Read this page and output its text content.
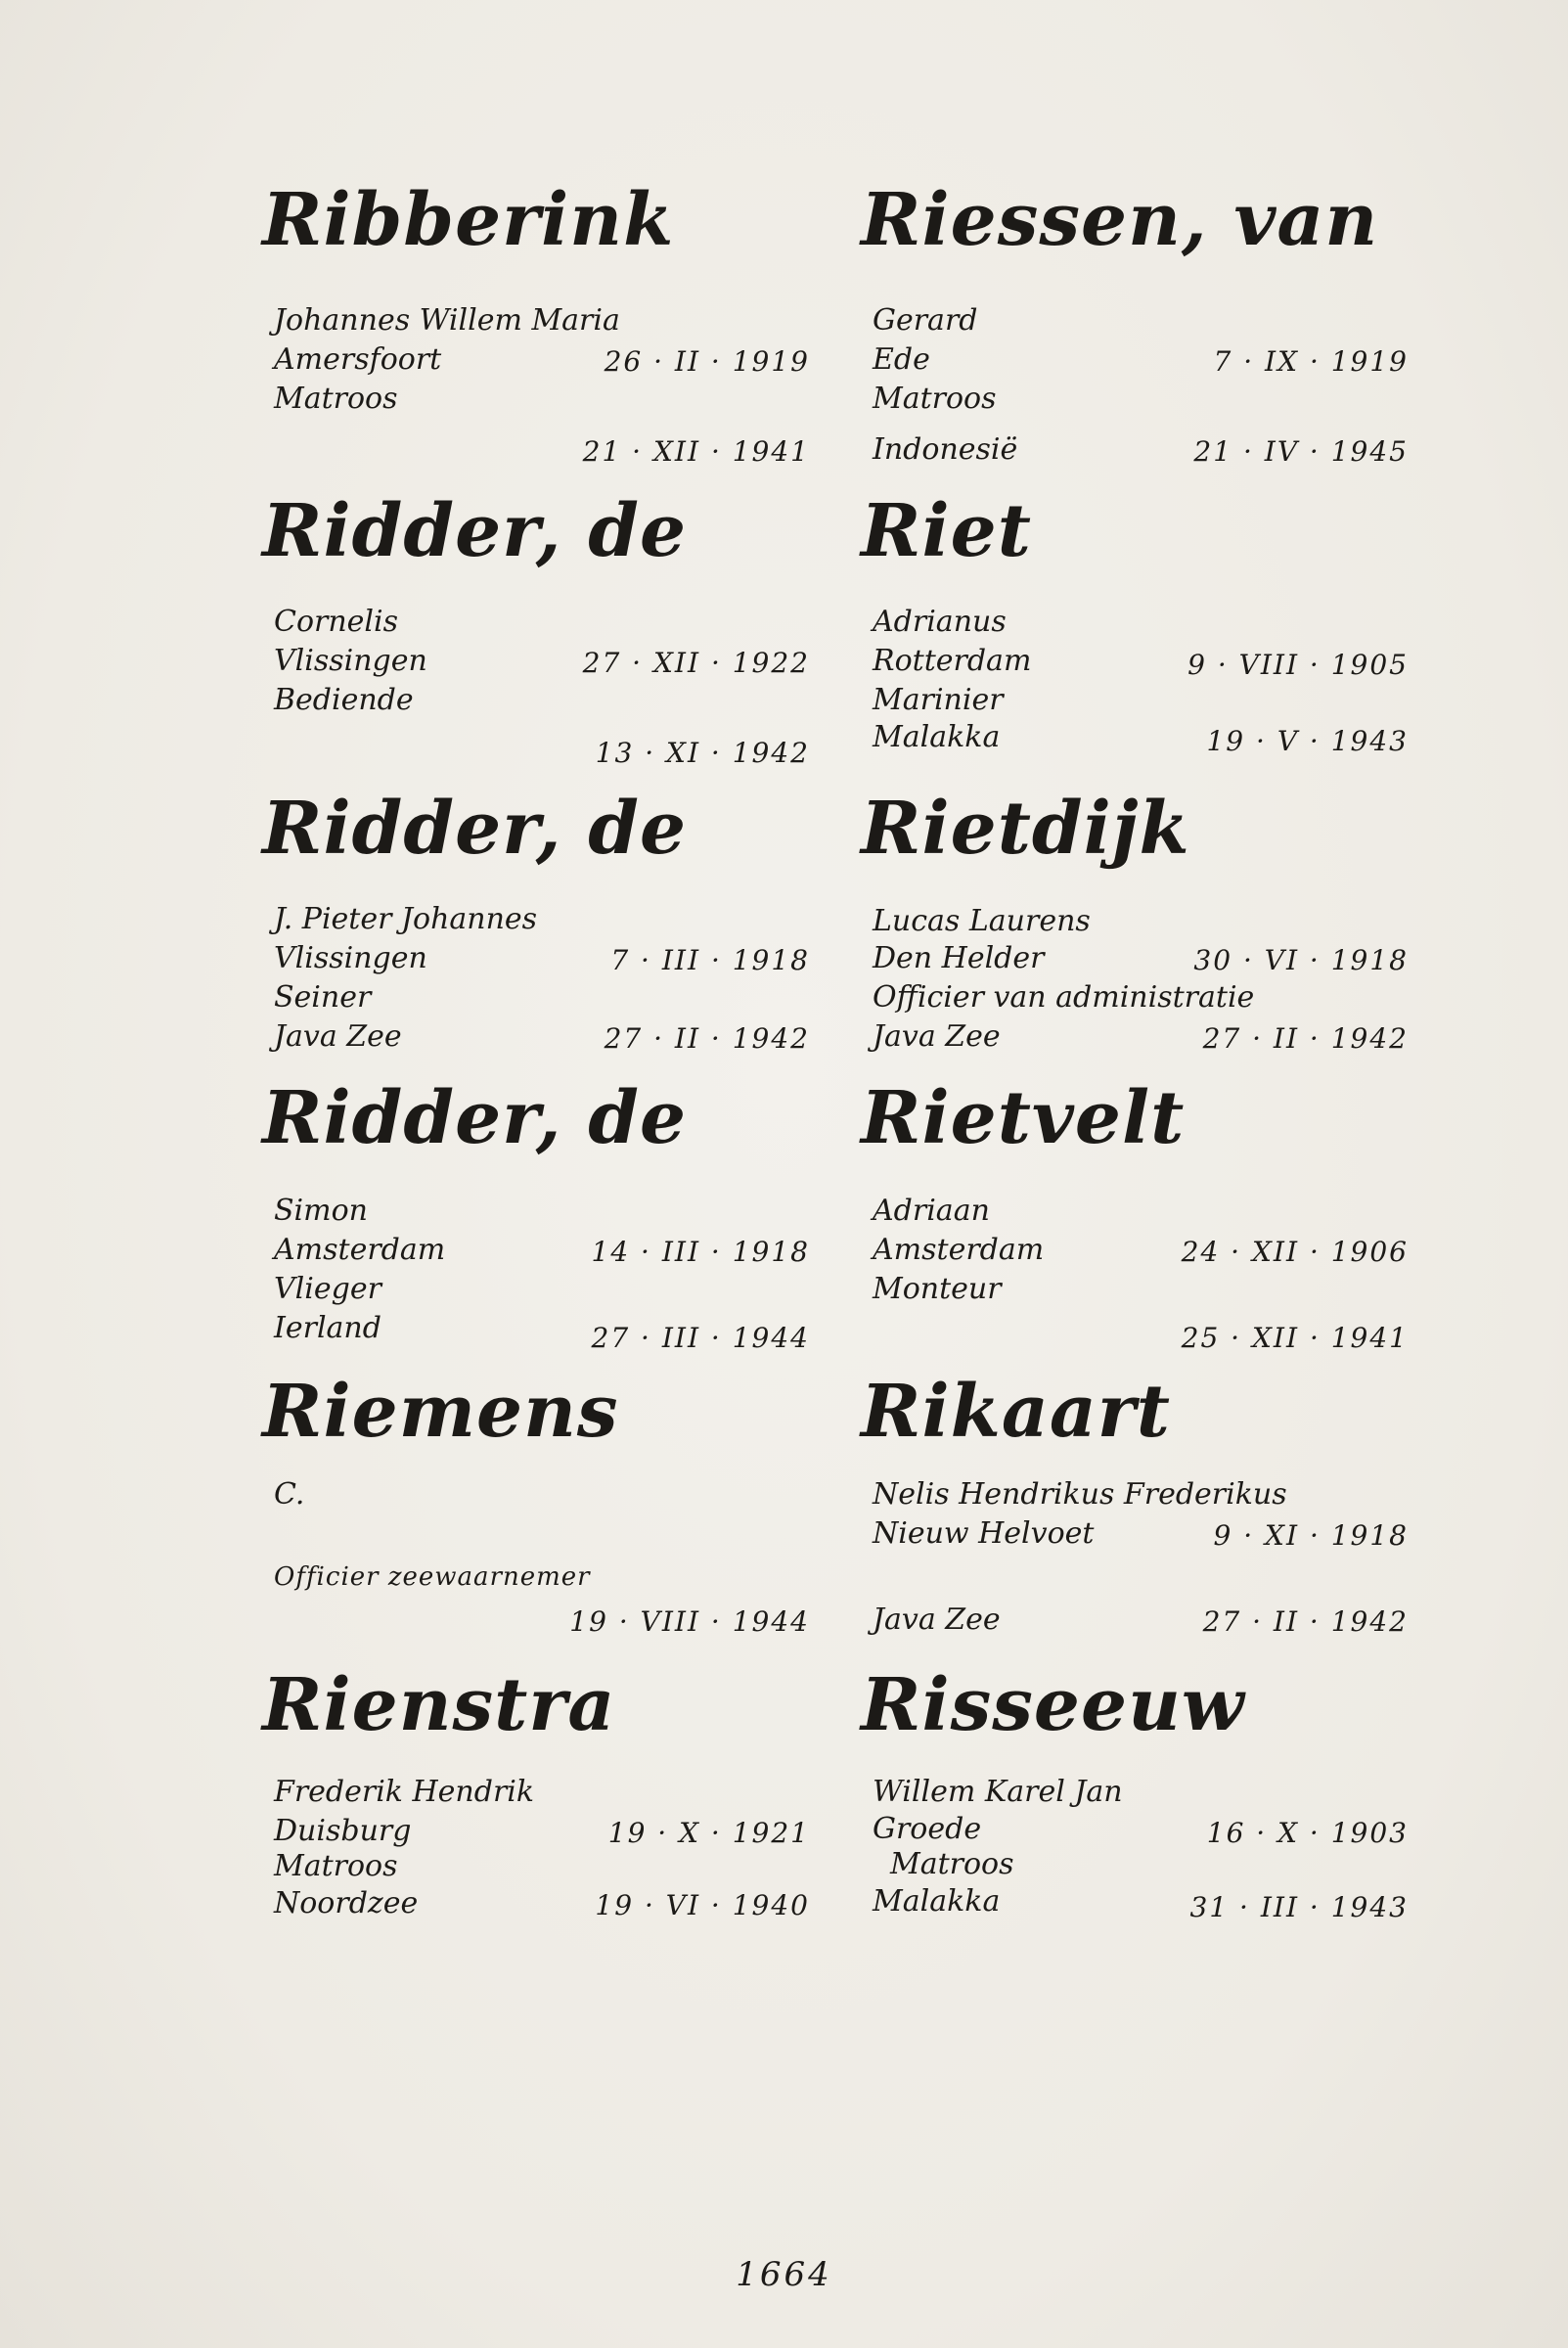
Ribberink
Johannes Willem Maria
Amersfoort	26 · II · 1919
Matroos
21 · XII · 1941
Ridder, de
Cornelis
Vlissingen	27 · XII · 1922
Bediende
13 · XI · 1942
Ridder, de
J. Pieter Johannes
Vlissingen	7 · III · 1918
Seiner
Java Zee	27 · II · 1942
Ridder, de
Simon
Amsterdam	14 · III · 1918
Vlieger
Ierland	27 · III · 1944
Riemens
C.
Officier zeewaarnemer
19 · VIII · 1944
Rienstra
Frederik Hendrik
Duisburg	19 · X · 1921
Matroos
Noordzee	19 · VI · 1940
Riessen, van
Gerard
Ede	7 · IX · 1919
Matroos
Indonesië	21 · IV · 1945
Riet
Adrianus
Rotterdam	9 · VIII · 1905
Marinier
Malakka	19 · V · 1943
Rietdijk
Lucas Laurens
Den Helder	30 · VI · 1918
Officier van administratie
Java Zee	27 · II · 1942
Rietvelt
Adriaan
Amsterdam	24 · XII · 1906
Monteur
25 · XII · 1941
Rikaart
Nelis Hendrikus Frederikus
Nieuw Helvoet	9 · XI · 1918
Java Zee	27 · II · 1942
Risseeuw
Willem Karel Jan
Groede	16 · X · 1903
Matroos
Malakka	31 · III · 1943
1664
